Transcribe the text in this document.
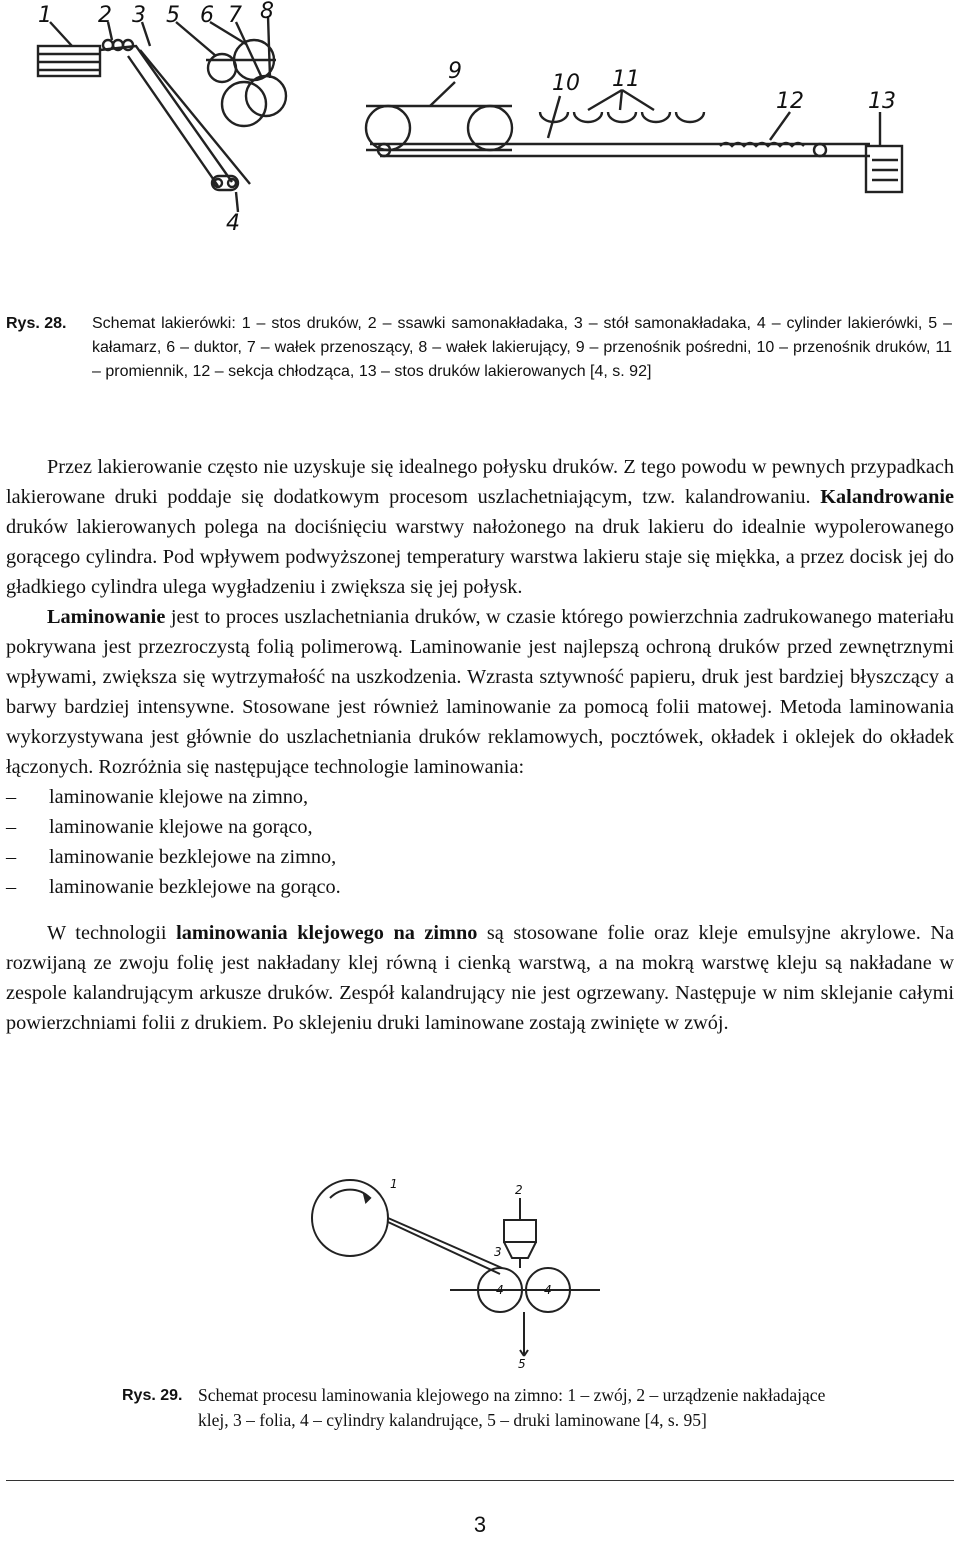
1 2 3 5 6 7 8
4
9	10 11
12	13
Rys. 28. Schemat lakierówki: 1 – stos druków, 2 – ssawki samonakładaka, 3 – stół samonakładaka, 4 – cylinder lakierówki, 5 – kałamarz, 6 – duktor, 7 – wałek przenoszący, 8 – wałek lakierujący, 9 – przenośnik pośredni, 10 – przenośnik druków, 11 – promiennik, 12 – sekcja chłodząca, 13 – stos druków lakierowanych [4, s. 92]

Przez lakierowanie często nie uzyskuje się idealnego połysku druków. Z tego powodu w pewnych przypadkach lakierowane druki poddaje się dodatkowym procesom uszlachetniającym, tzw. kalandrowaniu. Kalandrowanie druków lakierowanych polega na dociśnięciu warstwy nałożonego na druk lakieru do idealnie wypolerowanego gorącego cylindra. Pod wpływem podwyższonej temperatury warstwa lakieru staje się miękka, a przez docisk jej do gładkiego cylindra ulega wygładzeniu i zwiększa się jej połysk.

Laminowanie jest to proces uszlachetniania druków, w czasie którego powierzchnia zadrukowanego materiału pokrywana jest przezroczystą folią polimerową. Laminowanie jest najlepszą ochroną druków przed zewnętrznymi wpływami, zwiększa się wytrzymałość na uszkodzenia. Wzrasta sztywność papieru, druk jest bardziej błyszczący a barwy bardziej intensywne. Stosowane jest również laminowanie za pomocą folii matowej. Metoda laminowania wykorzystywana jest głównie do uszlachetniania druków reklamowych, pocztówek, okładek i oklejek do okładek łączonych. Rozróżnia się następujące technologie laminowania:

– laminowanie klejowe na zimno,
– laminowanie klejowe na gorąco,
– laminowanie bezklejowe na zimno,
– laminowanie bezklejowe na gorąco.

W technologii laminowania klejowego na zimno są stosowane folie oraz kleje emulsyjne akrylowe. Na rozwijaną ze zwoju folię jest nakładany klej równą i cienką warstwą, a na mokrą warstwę kleju są nakładane w zespole kalandrującym arkusze druków. Zespół kalandrujący nie jest ogrzewany. Następuje w nim sklejanie całymi powierzchniami folii z drukiem. Po sklejeniu druki laminowane zostają zwinięte w zwój.

1	2
3
4	4
5
Rys. 29. Schemat procesu laminowania klejowego na zimno: 1 – zwój, 2 – urządzenie nakładające klej, 3 – folia, 4 – cylindry kalandrujące, 5 – druki laminowane [4, s. 95]
3
